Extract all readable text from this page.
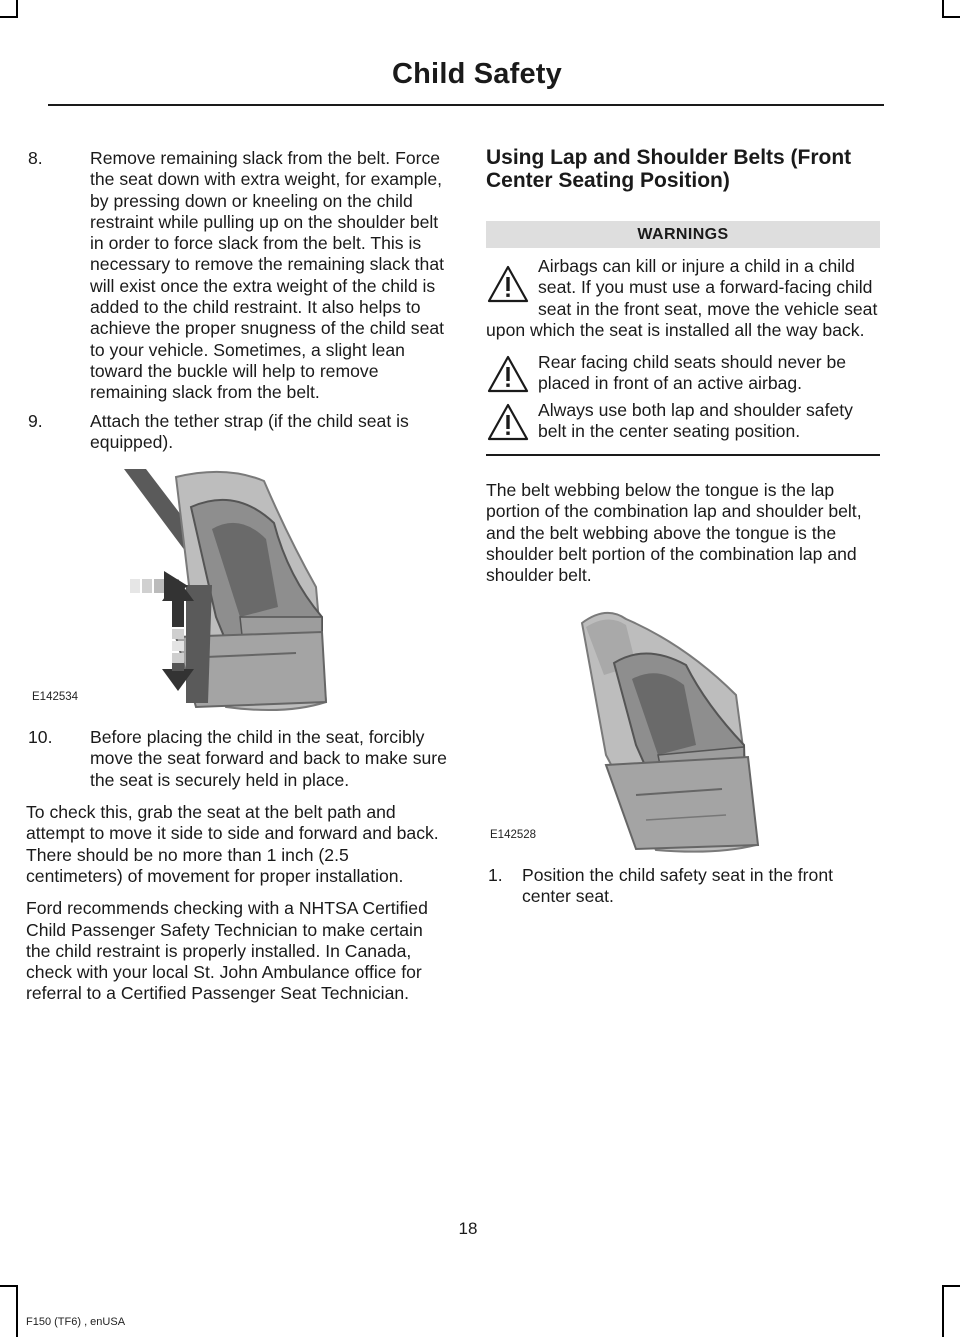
Child Safety
8.	Remove remaining slack from the belt. Force the seat down with extra weight, for example, by pressing down or kneeling on the child restraint while pulling up on the shoulder belt in order to force slack from the belt. This is necessary to remove the remaining slack that will exist once the extra weight of the child is added to the child restraint. It also helps to achieve the proper snugness of the child seat to your vehicle. Sometimes, a slight lean toward the buckle will help to remove remaining slack from the belt.
9.	Attach the tether strap (if the child seat is equipped).
E142534
10.	Before placing the child in the seat, forcibly move the seat forward and back to make sure the seat is securely held in place.

To check this, grab the seat at the belt path and attempt to move it side to side and forward and back. There should be no more than 1 inch (2.5 centimeters) of movement for proper installation.

Ford recommends checking with a NHTSA Certified Child Passenger Safety Technician to make certain the child restraint is properly installed. In Canada, check with your local St. John Ambulance office for referral to a Certified Passenger Seat Technician.

Using Lap and Shoulder Belts (Front Center Seating Position)
WARNINGS
Airbags can kill or injure a child in a child seat. If you must use a forward-facing child seat in the front seat, move the vehicle seat upon which the seat is installed all the way back.
Rear facing child seats should never be placed in front of an active airbag.
Always use both lap and shoulder safety belt in the center seating position.

The belt webbing below the tongue is the lap portion of the combination lap and shoulder belt, and the belt webbing above the tongue is the shoulder belt portion of the combination lap and shoulder belt.

E142528
1.	Position the child safety seat in the front center seat.
18
F150 (TF6) , enUSA
